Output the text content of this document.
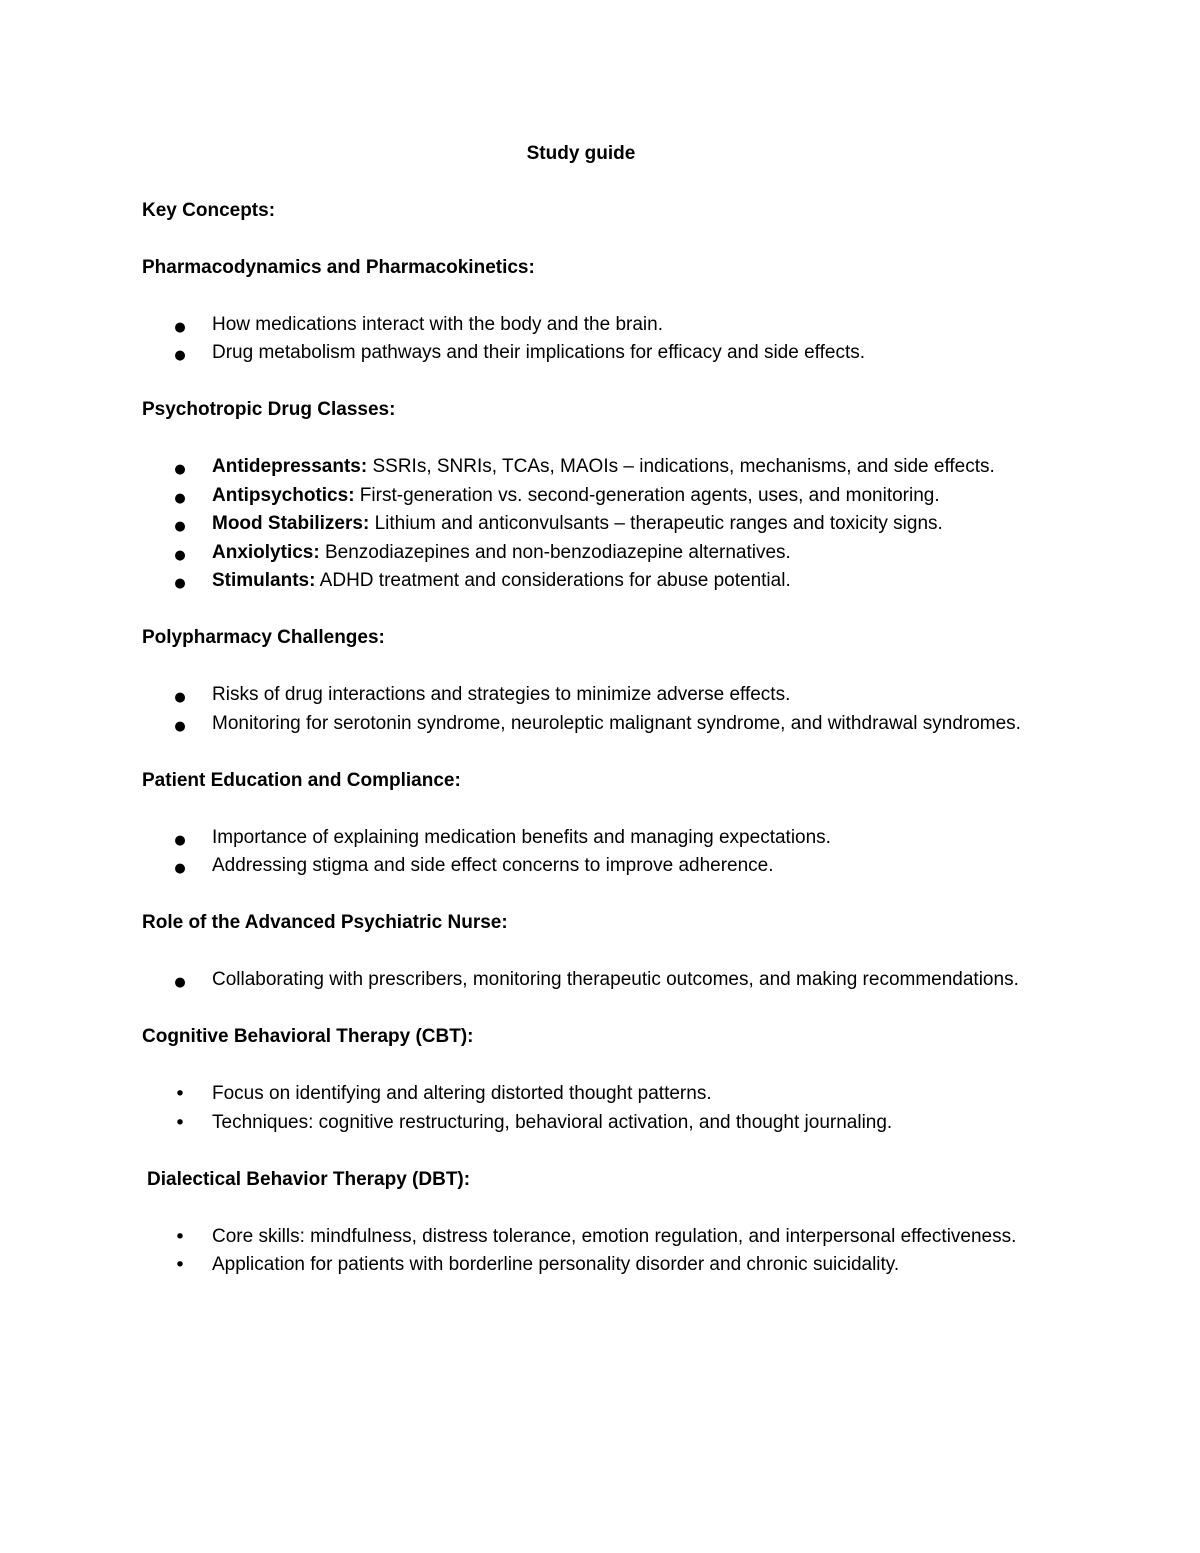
Study guide
Key Concepts:
Pharmacodynamics and Pharmacokinetics:
●
How medications interact with the body and the brain.
●
Drug metabolism pathways and their implications for efficacy and side effects.
Psychotropic Drug Classes:
●
Antidepressants: SSRIs, SNRIs, TCAs, MAOIs – indications, mechanisms, and side effects.
●
Antipsychotics: First-generation vs. second-generation agents, uses, and monitoring.
●
Mood Stabilizers: Lithium and anticonvulsants – therapeutic ranges and toxicity signs.
●
Anxiolytics: Benzodiazepines and non-benzodiazepine alternatives.
●
Stimulants: ADHD treatment and considerations for abuse potential.
Polypharmacy Challenges:
●
Risks of drug interactions and strategies to minimize adverse effects.
●
Monitoring for serotonin syndrome, neuroleptic malignant syndrome, and withdrawal syndromes.
Patient Education and Compliance:
●
Importance of explaining medication benefits and managing expectations.
●
Addressing stigma and side effect concerns to improve adherence.
Role of the Advanced Psychiatric Nurse:
●
Collaborating with prescribers, monitoring therapeutic outcomes, and making recommendations.
Cognitive Behavioral Therapy (CBT):
•
Focus on identifying and altering distorted thought patterns.
•
Techniques: cognitive restructuring, behavioral activation, and thought journaling.
Dialectical Behavior Therapy (DBT):
•
Core skills: mindfulness, distress tolerance, emotion regulation, and interpersonal effectiveness.
•
Application for patients with borderline personality disorder and chronic suicidality.
